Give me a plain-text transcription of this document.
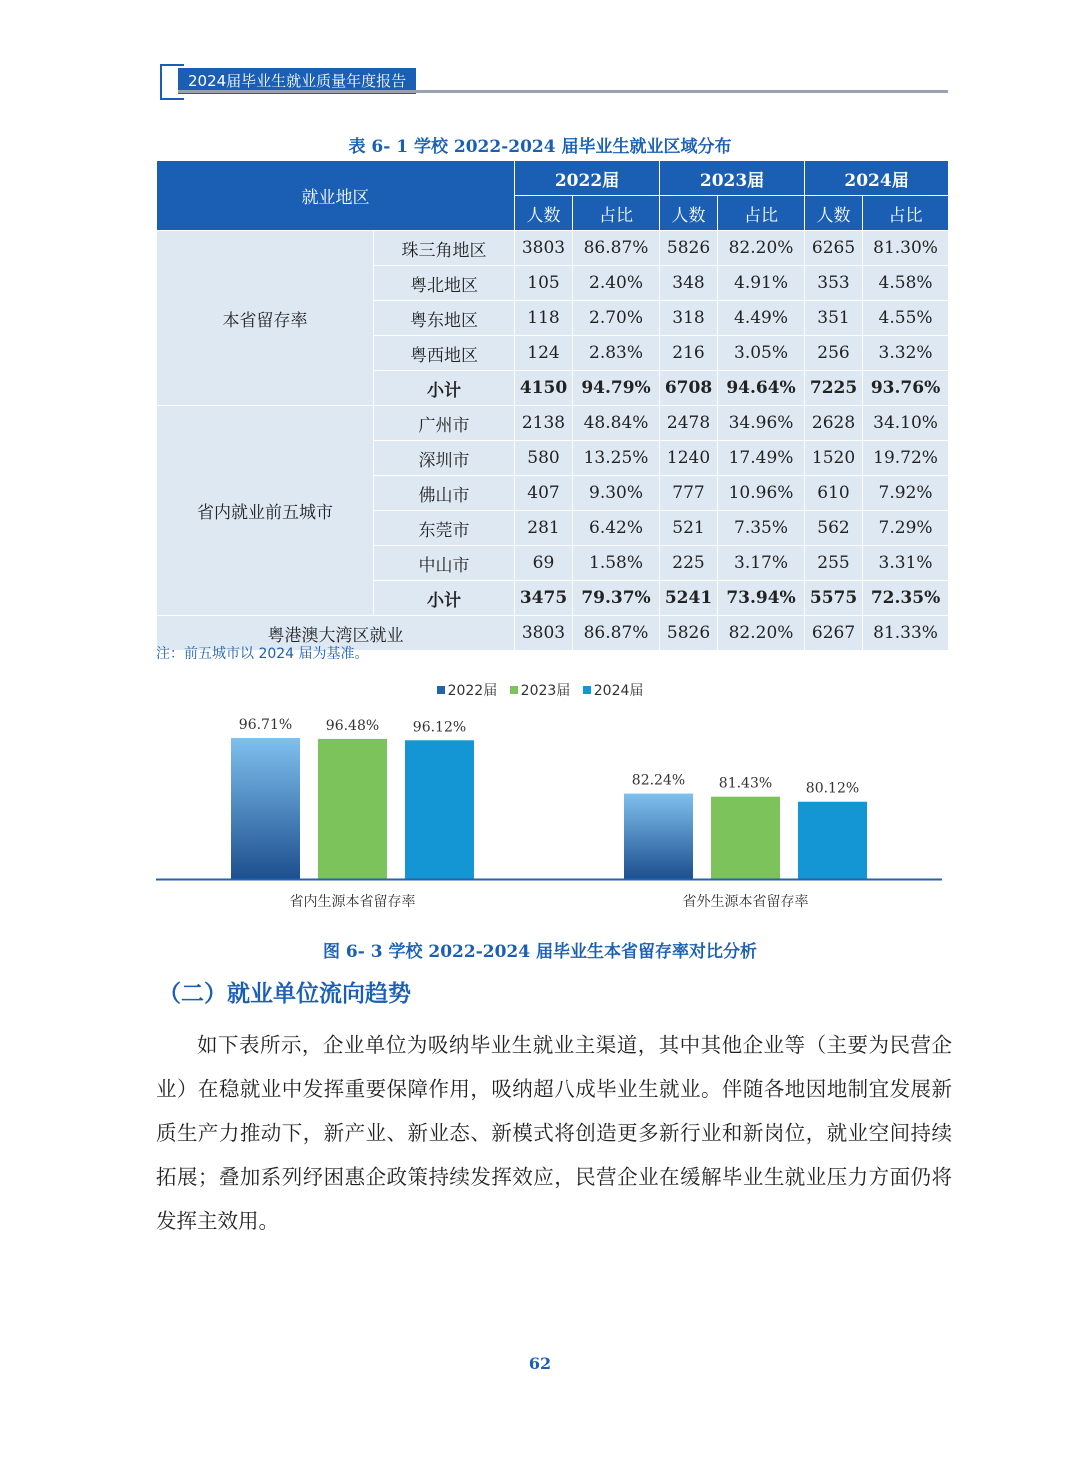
2024届毕业生就业质量年度报告
表 6- 1 学校 2022-2024 届毕业生就业区域分布
就业地区		2022届		2023届		2024届	
		人数	占比	人数	占比	人数	占比
本省留存率	珠三角地区	3803	86.87%	5826	82.20%	6265	81.30%
	粤北地区	105	2.40%	348	4.91%	353	4.58%
	粤东地区	118	2.70%	318	4.49%	351	4.55%
	粤西地区	124	2.83%	216	3.05%	256	3.32%
	小计	4150	94.79%	6708	94.64%	7225	93.76%
省内就业前五城市	广州市	2138	48.84%	2478	34.96%	2628	34.10%
	深圳市	580	13.25%	1240	17.49%	1520	19.72%
	佛山市	407	9.30%	777	10.96%	610	7.92%
	东莞市	281	6.42%	521	7.35%	562	7.29%
	中山市	69	1.58%	225	3.17%	255	3.31%
	小计	3475	79.37%	5241	73.94%	5575	72.35%
粤港澳大湾区就业		3803	86.87%	5826	82.20%	6267	81.33%
注：前五城市以 2024 届为基准。
2022届 2023届 2024届
96.71% 96.48% 96.12%
省内生源本省留存率
82.24% 81.43% 80.12%
省外生源本省留存率
图 6- 3 学校 2022-2024 届毕业生本省留存率对比分析
（二）就业单位流向趋势
如下表所示，企业单位为吸纳毕业生就业主渠道，其中其他企业等（主要为民营企业）在稳就业中发挥重要保障作用，吸纳超八成毕业生就业。伴随各地因地制宜发展新质生产力推动下，新产业、新业态、新模式将创造更多新行业和新岗位，就业空间持续拓展；叠加系列纾困惠企政策持续发挥效应，民营企业在缓解毕业生就业压力方面仍将发挥主效用。
62
